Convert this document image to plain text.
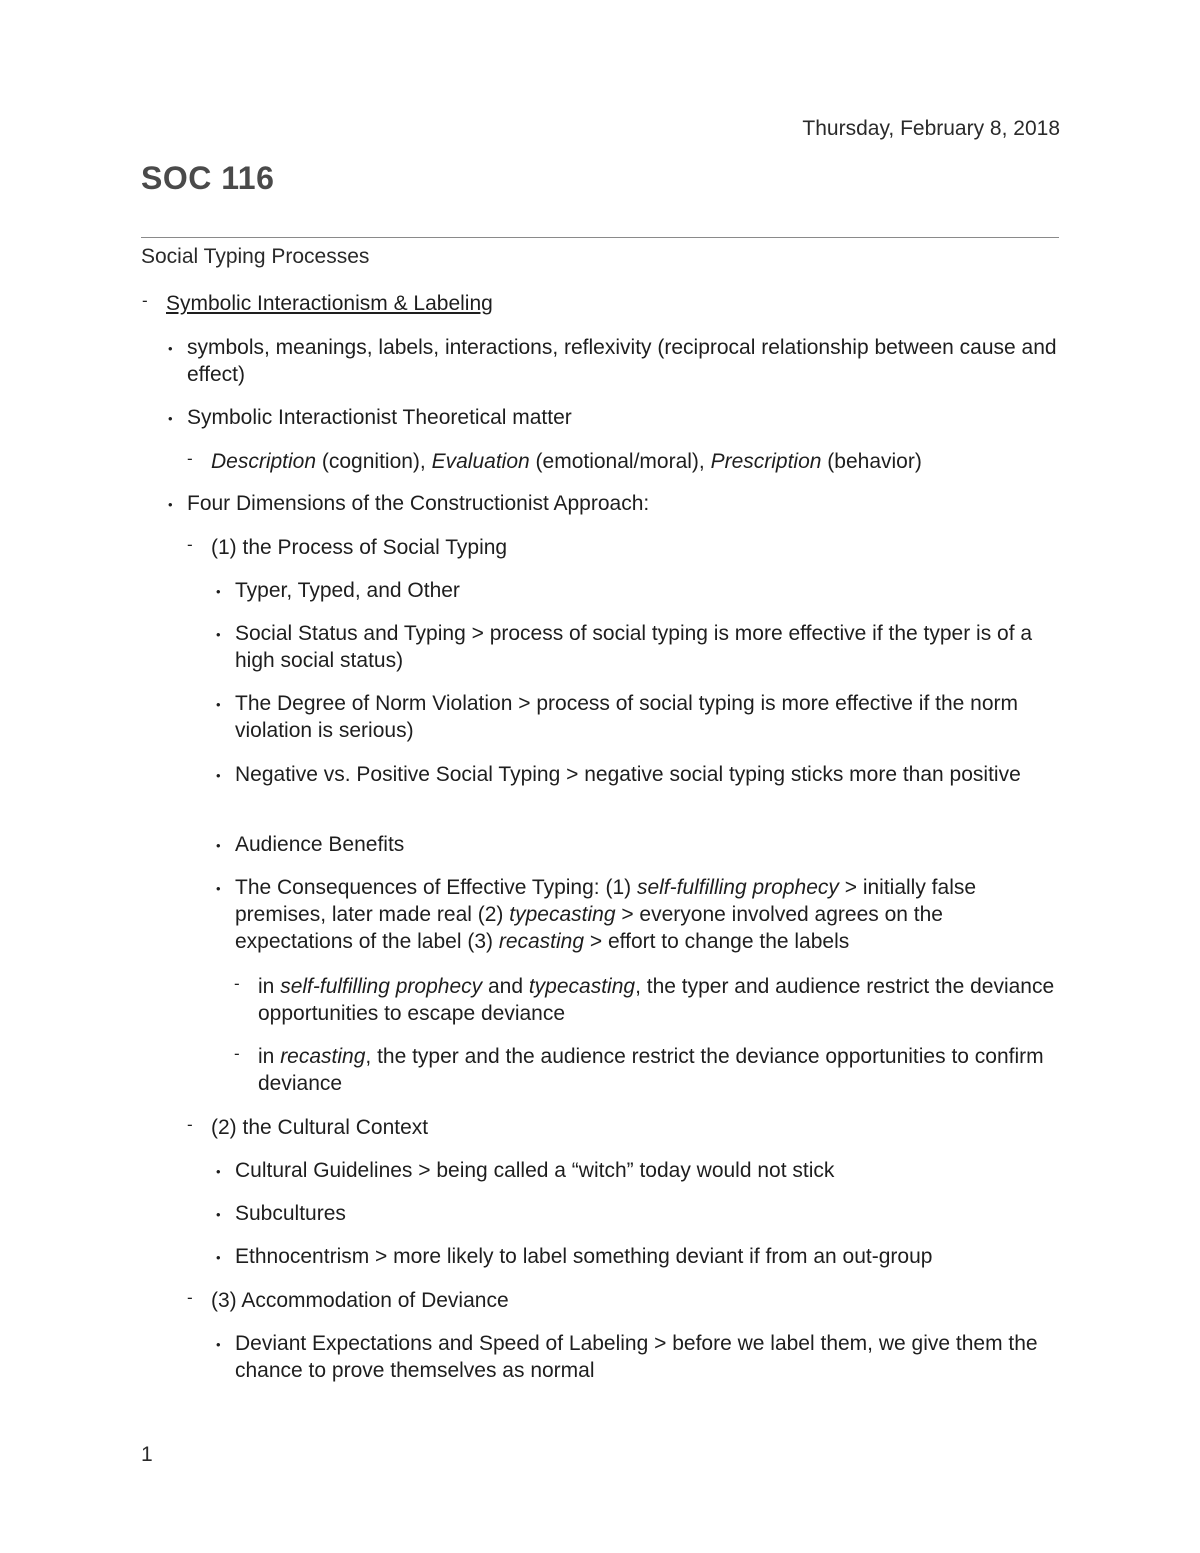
Thursday, February 8, 2018
SOC 116
Social Typing Processes
- Symbolic Interactionism & Labeling
• symbols, meanings, labels, interactions, reflexivity (reciprocal relationship between cause and effect)
• Symbolic Interactionist Theoretical matter
- Description (cognition), Evaluation (emotional/moral), Prescription (behavior)
• Four Dimensions of the Constructionist Approach:
- (1) the Process of Social Typing
• Typer, Typed, and Other
• Social Status and Typing > process of social typing is more effective if the typer is of a high social status)
• The Degree of Norm Violation > process of social typing is more effective if the norm violation is serious)
• Negative vs. Positive Social Typing > negative social typing sticks more than positive
• Audience Benefits
• The Consequences of Effective Typing: (1) self-fulfilling prophecy > initially false premises, later made real (2) typecasting > everyone involved agrees on the expectations of the label (3) recasting > effort to change the labels
- in self-fulfilling prophecy and typecasting, the typer and audience restrict the deviance opportunities to escape deviance
- in recasting, the typer and the audience restrict the deviance opportunities to confirm deviance
- (2) the Cultural Context
• Cultural Guidelines > being called a “witch” today would not stick
• Subcultures
• Ethnocentrism > more likely to label something deviant if from an out-group
- (3) Accommodation of Deviance
• Deviant Expectations and Speed of Labeling > before we label them, we give them the chance to prove themselves as normal
1
